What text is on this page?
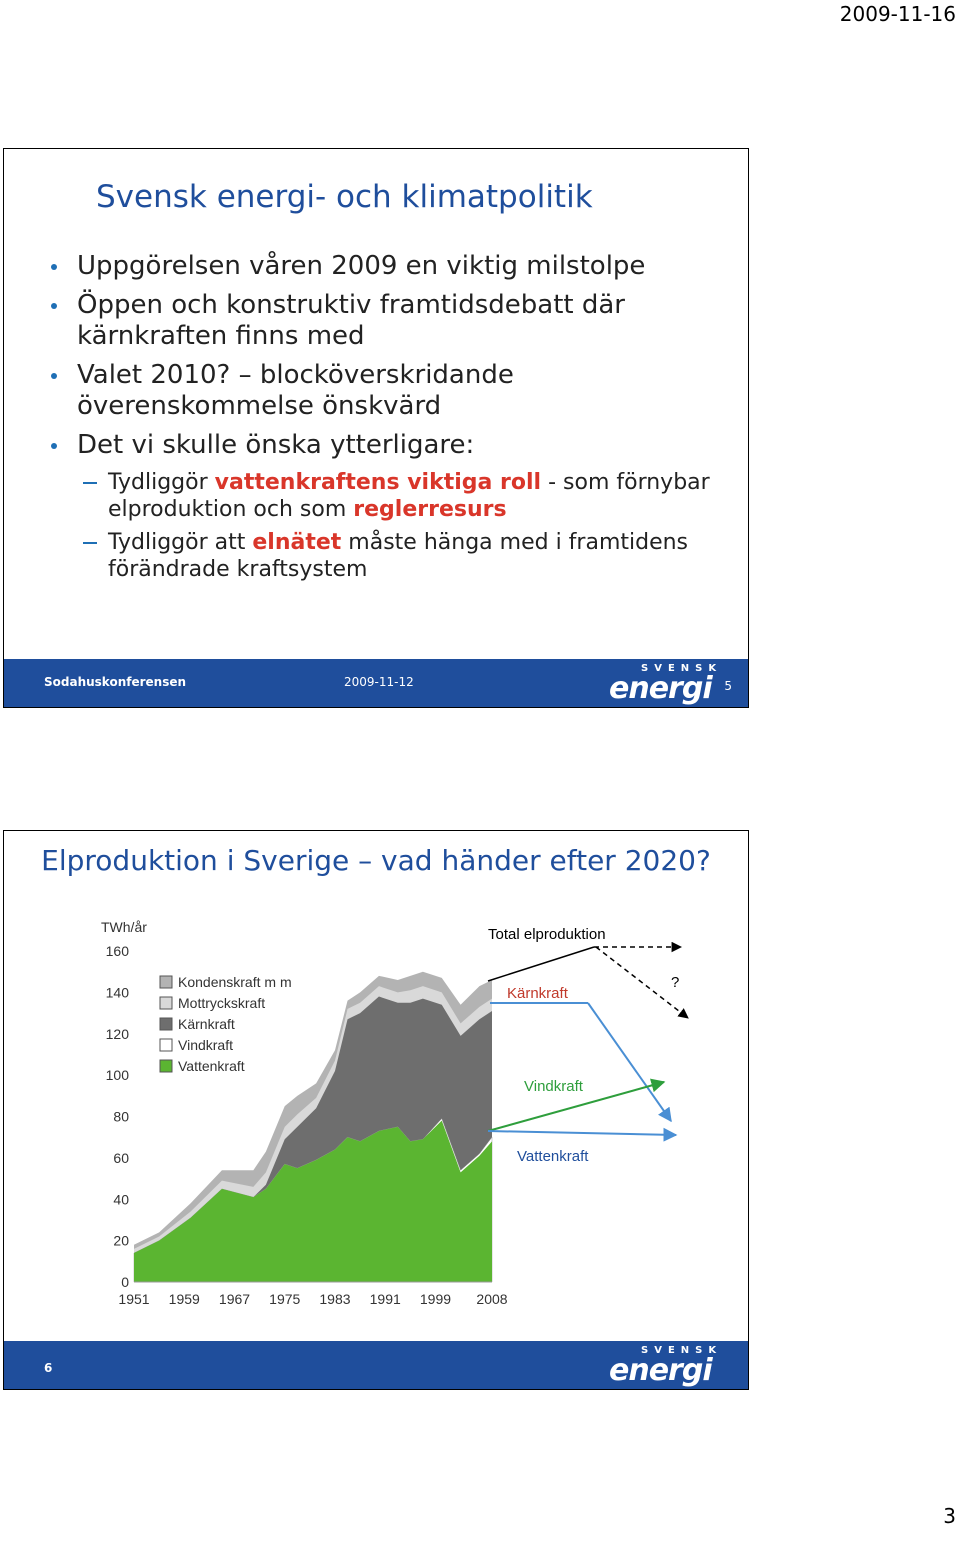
2009-11-16
Svensk energi- och klimatpolitik
Uppgörelsen våren 2009 en viktig milstolpe
Öppen och konstruktiv framtidsdebatt där kärnkraften finns med
Valet 2010? – blocköverskridande överenskommelse önskvärd
Det vi skulle önska ytterligare:
Tydliggör vattenkraftens viktiga roll - som förnybar elproduktion och som reglerresurs
Tydliggör att elnätet måste hänga med i framtidens förändrade kraftsystem
Sodahuskonferensen	2009-11-12
SVENSK
energi 5
Elproduktion i Sverige – vad händer efter 2020?
0
20
40
60
80
100
120
140
160
1951 1959 1967 1975 1983 1991 1999 2008
TWh/år
Kondenskraft m m
Mottryckskraft
Kärnkraft
Vindkraft
Vattenkraft
Total elproduktion
?
Kärnkraft
Vindkraft
Vattenkraft
6
SVENSK
energi
3
